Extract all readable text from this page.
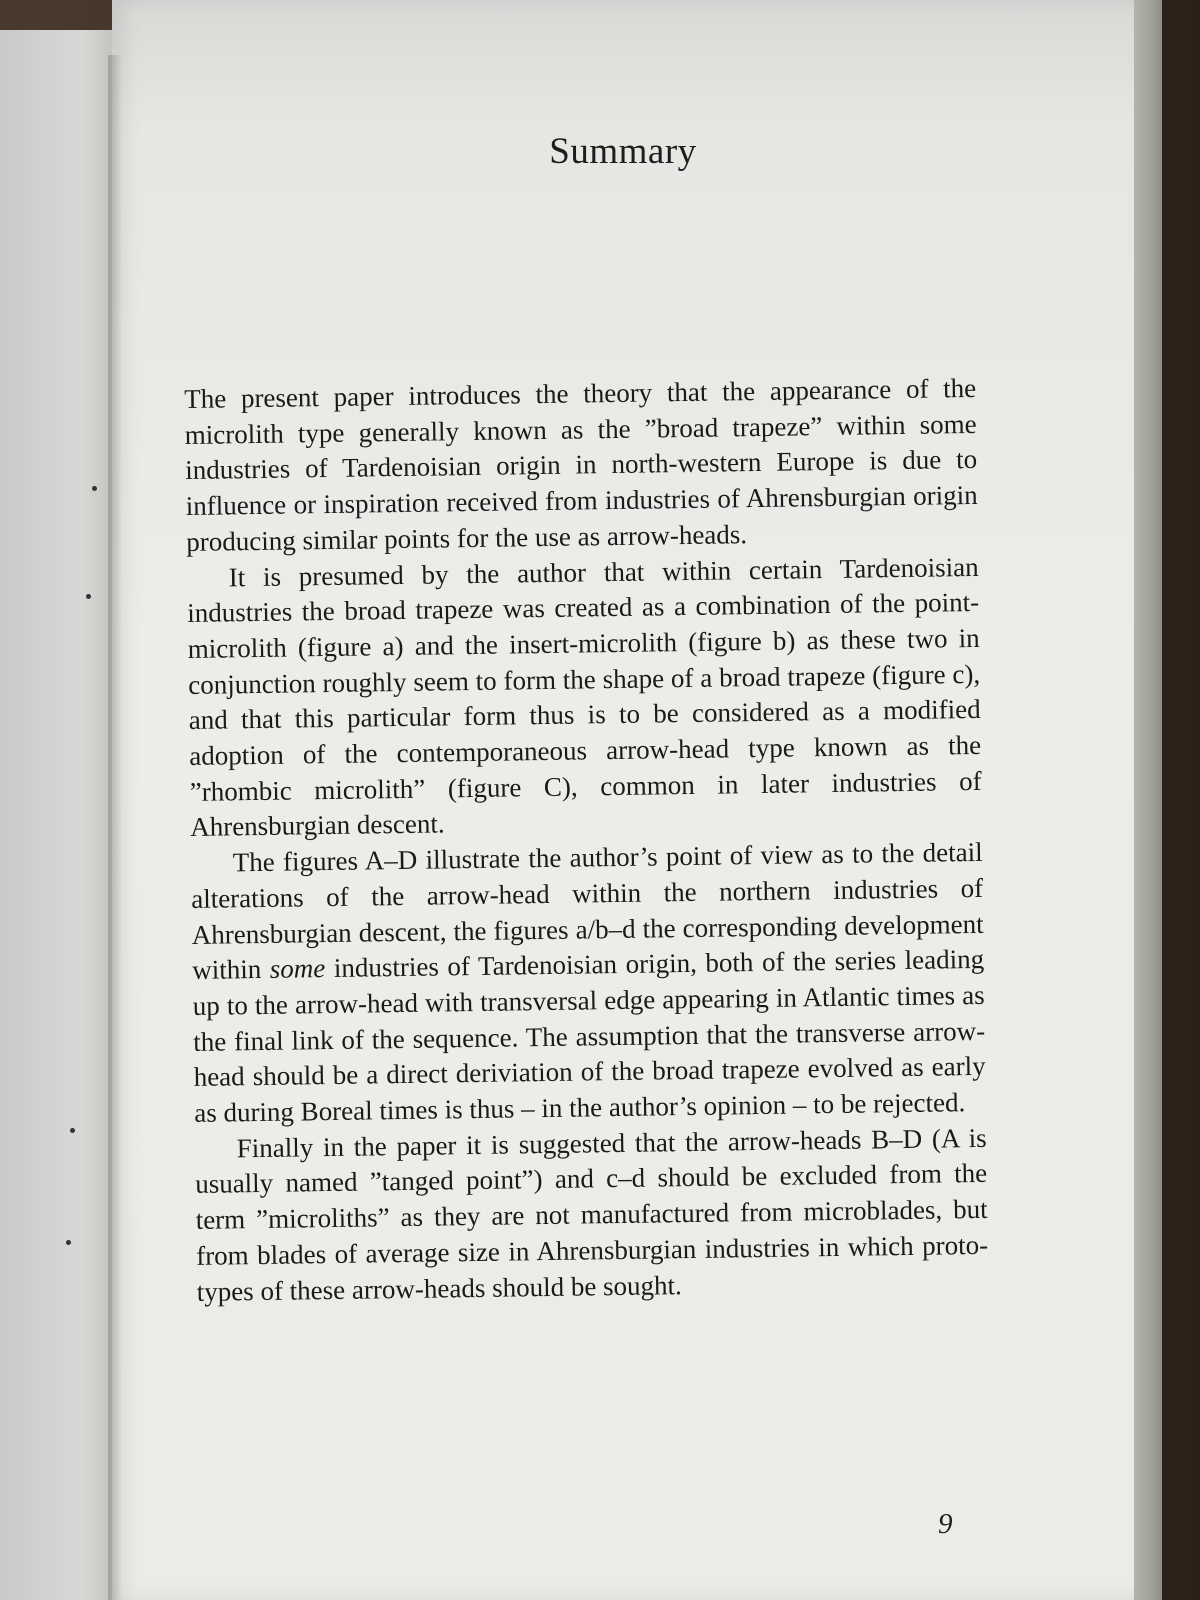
Summary

The present paper introduces the theory that the appearance of the microlith type generally known as the ”broad trapeze” within some industries of Tardenoisian origin in north-western Europe is due to influence or inspiration received from industries of Ahrensburgian origin producing similar points for the use as arrow-heads.

It is presumed by the author that within certain Tardenoisian industries the broad trapeze was created as a combination of the point-microlith (figure a) and the insert-microlith (figure b) as these two in conjunction roughly seem to form the shape of a broad trapeze (figure c), and that this particular form thus is to be considered as a modified adoption of the contemporaneous arrow-head type known as the ”rhombic microlith” (figure C), common in later industries of Ahrensburgian descent.

The figures A–D illustrate the author’s point of view as to the detail alterations of the arrow-head within the northern industries of Ahrensburgian descent, the figures a/b–d the corresponding development within some industries of Tardenoisian origin, both of the series leading up to the arrow-head with transversal edge appearing in Atlantic times as the final link of the sequence. The assumption that the transverse arrow-head should be a direct deriviation of the broad trapeze evolved as early as during Boreal times is thus – in the author’s opinion – to be rejected.

Finally in the paper it is suggested that the arrow-heads B–D (A is usually named ”tanged point”) and c–d should be excluded from the term ”microliths” as they are not manufactured from microblades, but from blades of average size in Ahrensburgian industries in which proto-types of these arrow-heads should be sought.

9
